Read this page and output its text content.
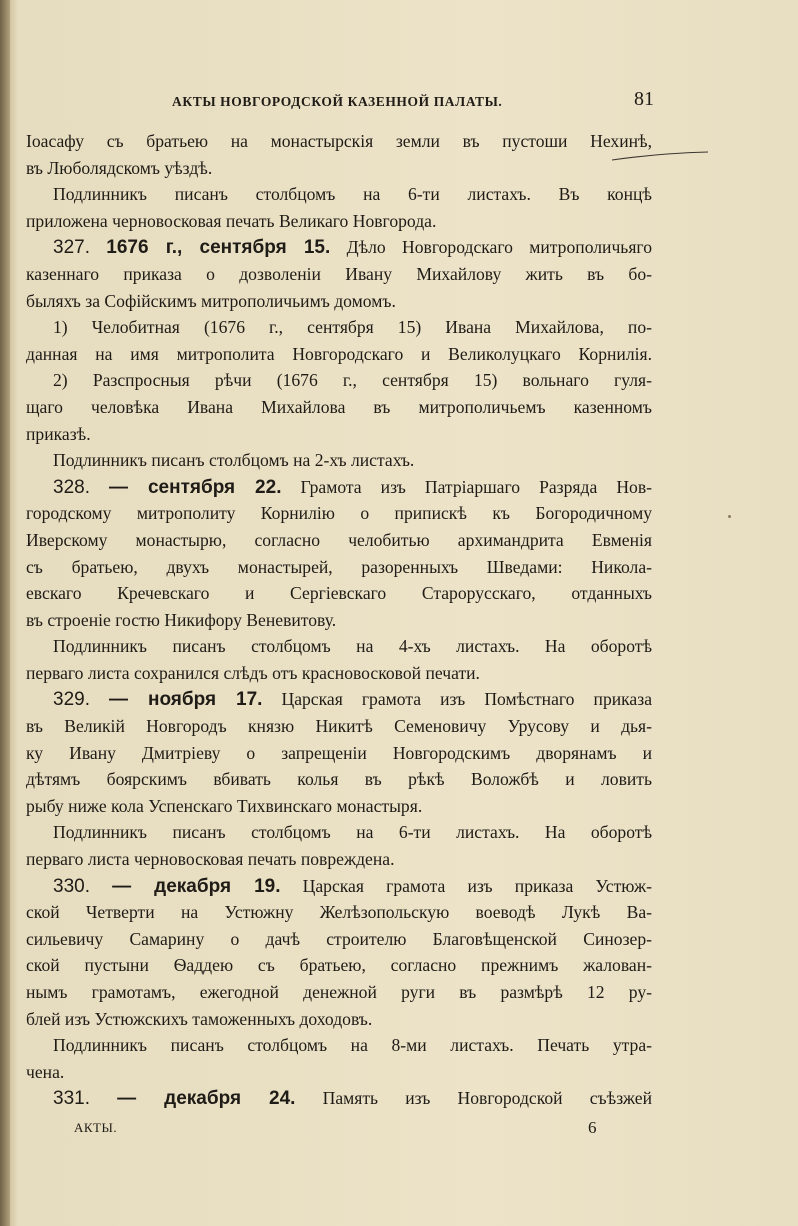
АКТЫ НОВГОРОДСКОЙ КАЗЕННОЙ ПАЛАТЫ.	81
Іоасафу съ братьею на монастырскія земли въ пустоши Нехинѣ,
въ Люболядскомъ уѣздѣ.
Подлинникъ писанъ столбцомъ на 6-ти листахъ. Въ концѣ
приложена черновосковая печать Великаго Новгорода.
327. 1676 г., сентября 15. Дѣло Новгородскаго митрополичьяго
казеннаго приказа о дозволеніи Ивану Михайлову жить въ бо-
быляхъ за Софійскимъ митрополичьимъ домомъ.
1) Челобитная (1676 г., сентября 15) Ивана Михайлова, по-
данная на имя митрополита Новгородскаго и Великолуцкаго Корнилія.
2) Разспросныя рѣчи (1676 г., сентября 15) вольнаго гуля-
щаго человѣка Ивана Михайлова въ митрополичьемъ казенномъ
приказѣ.
Подлинникъ писанъ столбцомъ на 2-хъ листахъ.
328. — сентября 22. Грамота изъ Патріаршаго Разряда Нов-
городскому митрополиту Корнилію о припискѣ къ Богородичному
Иверскому монастырю, согласно челобитью архимандрита Евменія
съ братьею, двухъ монастырей, разоренныхъ Шведами: Никола-
евскаго Кречевскаго и Сергіевскаго Старорусскаго, отданныхъ
въ строеніе гостю Никифору Веневитову.
Подлинникъ писанъ столбцомъ на 4-хъ листахъ. На оборотѣ
перваго листа сохранился слѣдъ отъ красновосковой печати.
329. — ноября 17. Царская грамота изъ Помѣстнаго приказа
въ Великій Новгородъ князю Никитѣ Семеновичу Урусову и дья-
ку Ивану Дмитріеву о запрещеніи Новгородскимъ дворянамъ и
дѣтямъ боярскимъ вбивать колья въ рѣкѣ Воложбѣ и ловить
рыбу ниже кола Успенскаго Тихвинскаго монастыря.
Подлинникъ писанъ столбцомъ на 6-ти листахъ. На оборотѣ
перваго листа черновосковая печать повреждена.
330. — декабря 19. Царская грамота изъ приказа Устюж-
ской Четверти на Устюжну Желѣзопольскую воеводѣ Лукѣ Ва-
сильевичу Самарину о дачѣ строителю Благовѣщенской Синозер-
ской пустыни Ѳаддею съ братьею, согласно прежнимъ жалован-
нымъ грамотамъ, ежегодной денежной руги въ размѣрѣ 12 ру-
блей изъ Устюжскихъ таможенныхъ доходовъ.
Подлинникъ писанъ столбцомъ на 8-ми листахъ. Печать утра-
чена.
331. — декабря 24. Память изъ Новгородской съѣзжей
АКТЫ.	6
